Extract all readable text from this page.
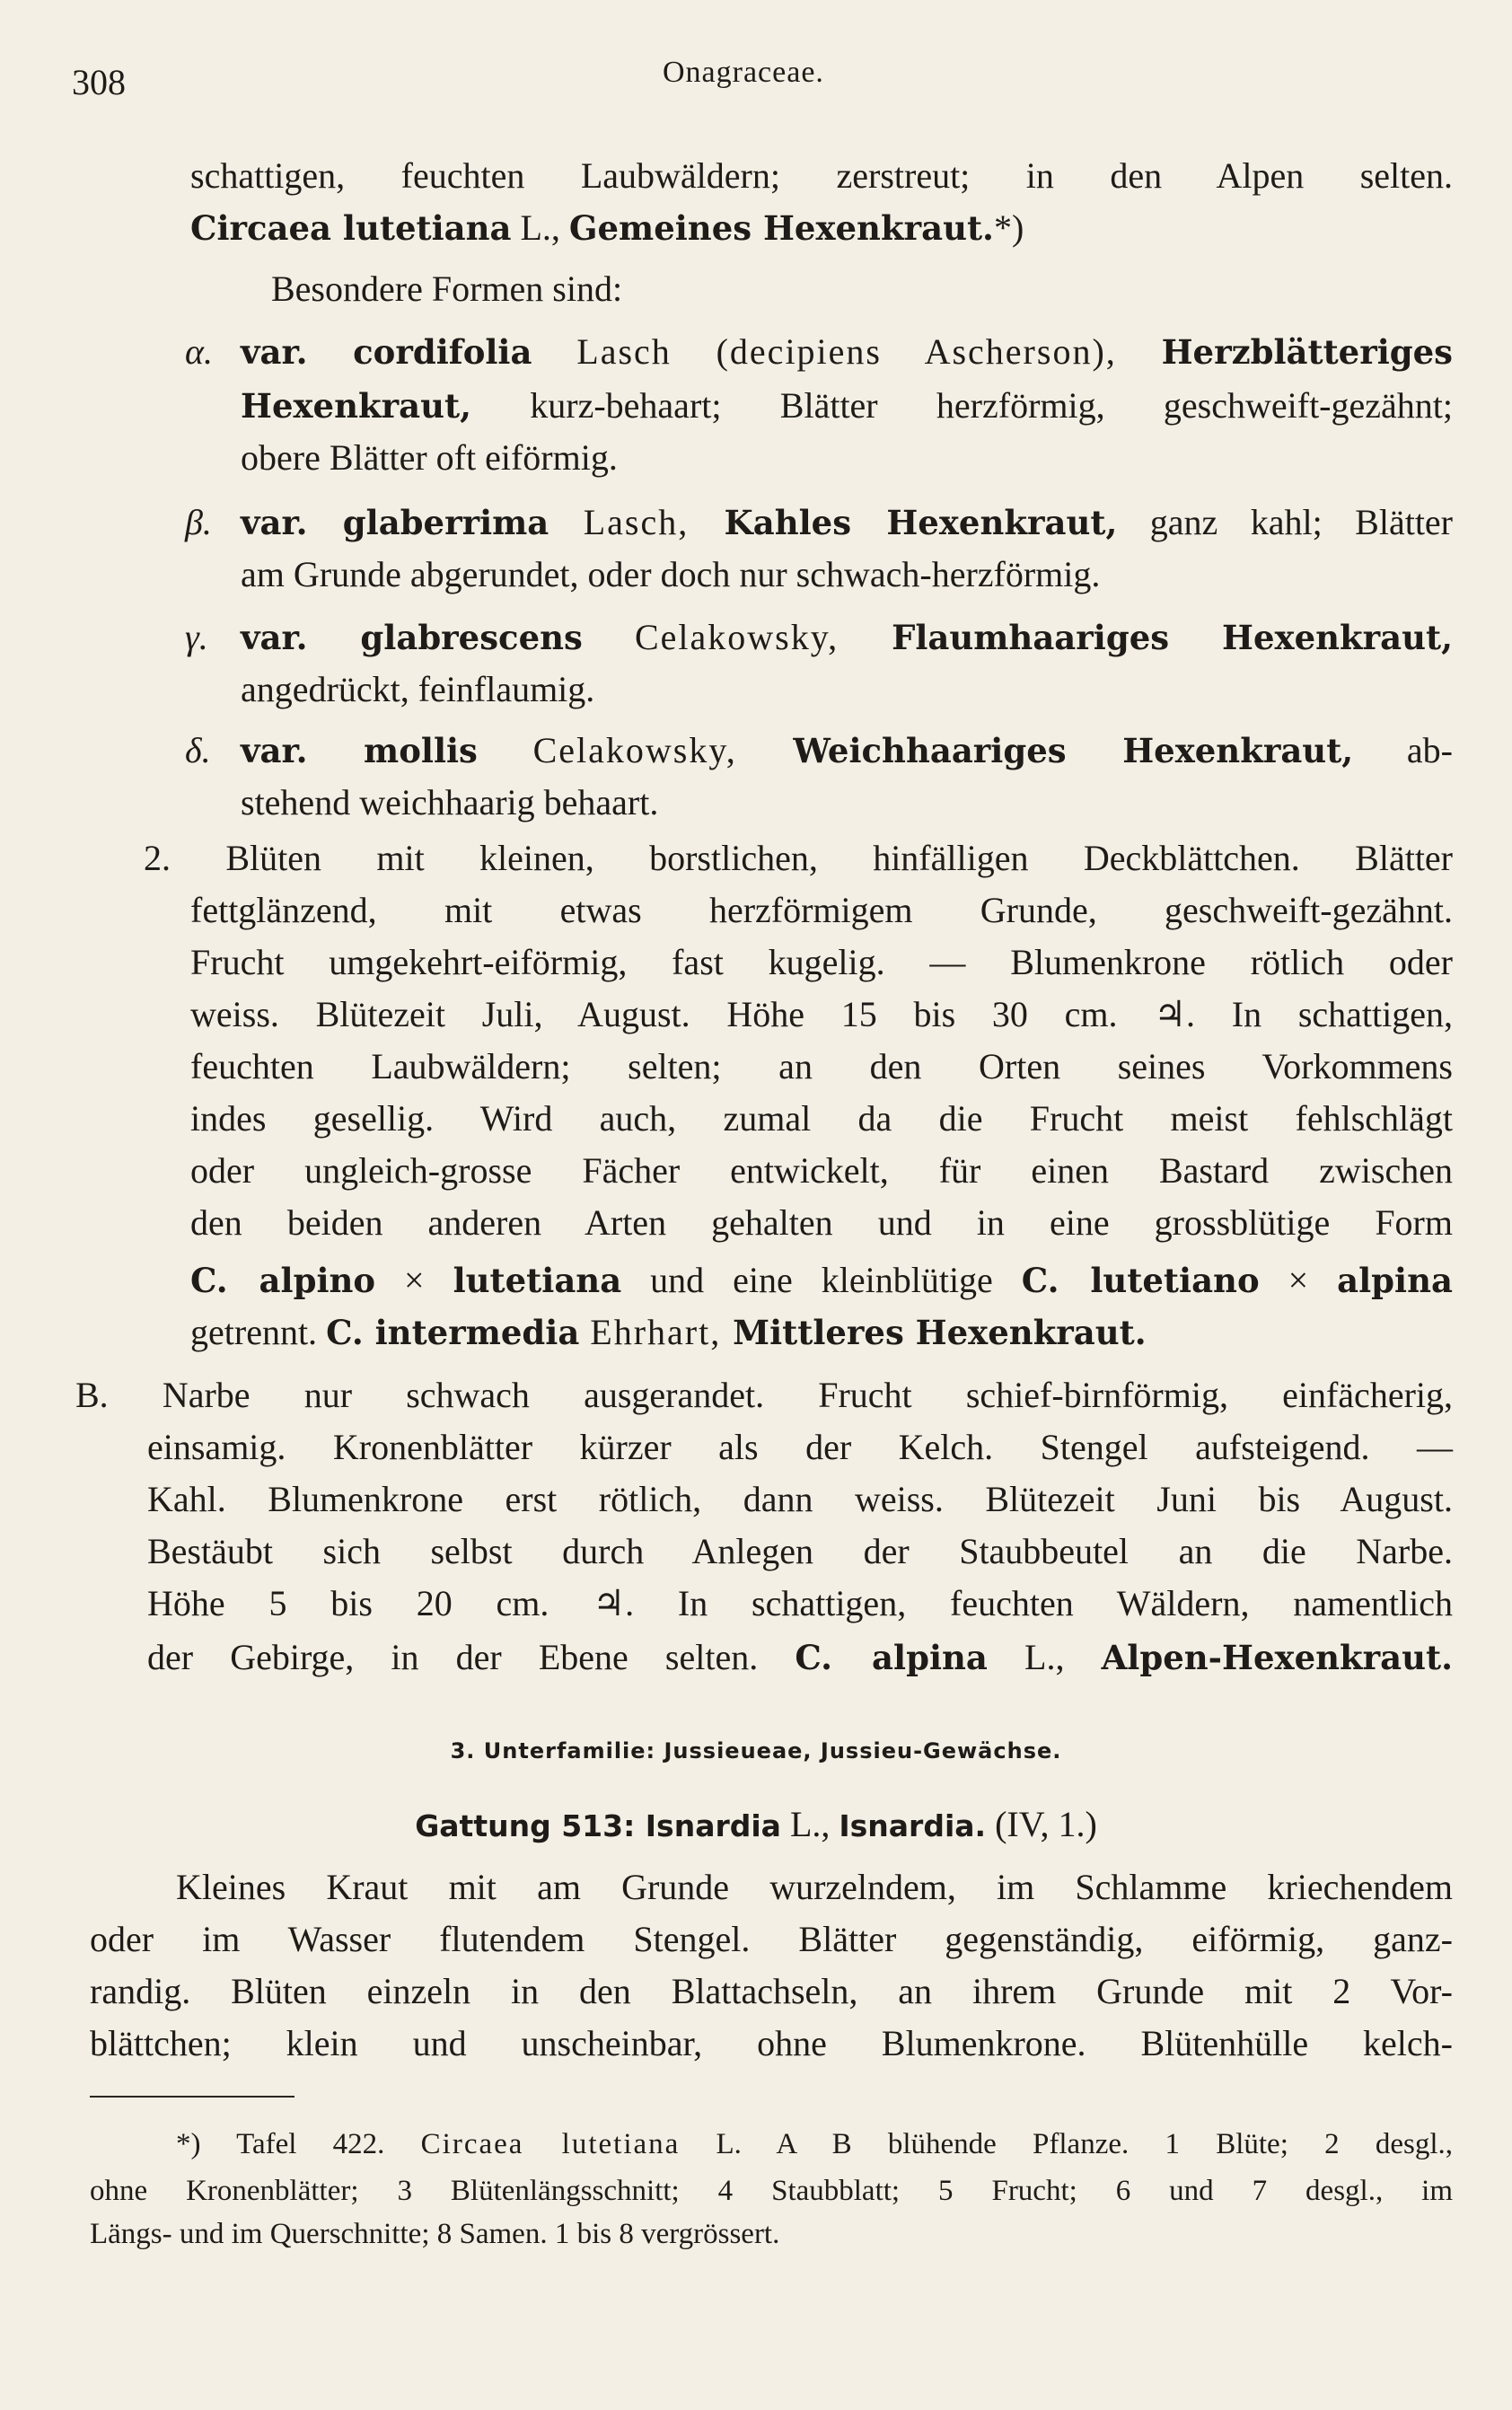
308	Onagraceae.
schattigen, feuchten Laubwäldern; zerstreut; in den Alpen selten.
Circaea lutetiana L., Gemeines Hexenkraut.*)
Besondere Formen sind:
α. var. cordifolia Lasch (decipiens Ascherson), Herzblätteriges
Hexenkraut, kurz-behaart; Blätter herzförmig, geschweift-gezähnt;
obere Blätter oft eiförmig.
β. var. glaberrima Lasch, Kahles Hexenkraut, ganz kahl; Blätter
am Grunde abgerundet, oder doch nur schwach-herzförmig.
γ. var. glabrescens Celakowsky, Flaumhaariges Hexenkraut,
angedrückt, feinflaumig.
δ. var. mollis Celakowsky, Weichhaariges Hexenkraut, ab-
stehend weichhaarig behaart.
2. Blüten mit kleinen, borstlichen, hinfälligen Deckblättchen. Blätter
fettglänzend, mit etwas herzförmigem Grunde, geschweift-gezähnt.
Frucht umgekehrt-eiförmig, fast kugelig. — Blumenkrone rötlich oder
weiss. Blütezeit Juli, August. Höhe 15 bis 30 cm. ♃. In schattigen,
feuchten Laubwäldern; selten; an den Orten seines Vorkommens
indes gesellig. Wird auch, zumal da die Frucht meist fehlschlägt
oder ungleich-grosse Fächer entwickelt, für einen Bastard zwischen
den beiden anderen Arten gehalten und in eine grossblütige Form
C. alpino × lutetiana und eine kleinblütige C. lutetiano × alpina
getrennt. C. intermedia Ehrhart, Mittleres Hexenkraut.
B. Narbe nur schwach ausgerandet. Frucht schief-birnförmig, einfächerig,
einsamig. Kronenblätter kürzer als der Kelch. Stengel aufsteigend. —
Kahl. Blumenkrone erst rötlich, dann weiss. Blütezeit Juni bis August.
Bestäubt sich selbst durch Anlegen der Staubbeutel an die Narbe.
Höhe 5 bis 20 cm. ♃. In schattigen, feuchten Wäldern, namentlich
der Gebirge, in der Ebene selten. C. alpina L., Alpen-Hexenkraut.
3. Unterfamilie: Jussieueae, Jussieu-Gewächse.
Gattung 513: Isnardia L., Isnardia. (IV, 1.)
Kleines Kraut mit am Grunde wurzelndem, im Schlamme kriechendem
oder im Wasser flutendem Stengel. Blätter gegenständig, eiförmig, ganz-
randig. Blüten einzeln in den Blattachseln, an ihrem Grunde mit 2 Vor-
blättchen; klein und unscheinbar, ohne Blumenkrone. Blütenhülle kelch-
*) Tafel 422. Circaea lutetiana L. A B blühende Pflanze. 1 Blüte; 2 desgl.,
ohne Kronenblätter; 3 Blütenlängsschnitt; 4 Staubblatt; 5 Frucht; 6 und 7 desgl., im
Längs- und im Querschnitte; 8 Samen. 1 bis 8 vergrössert.
